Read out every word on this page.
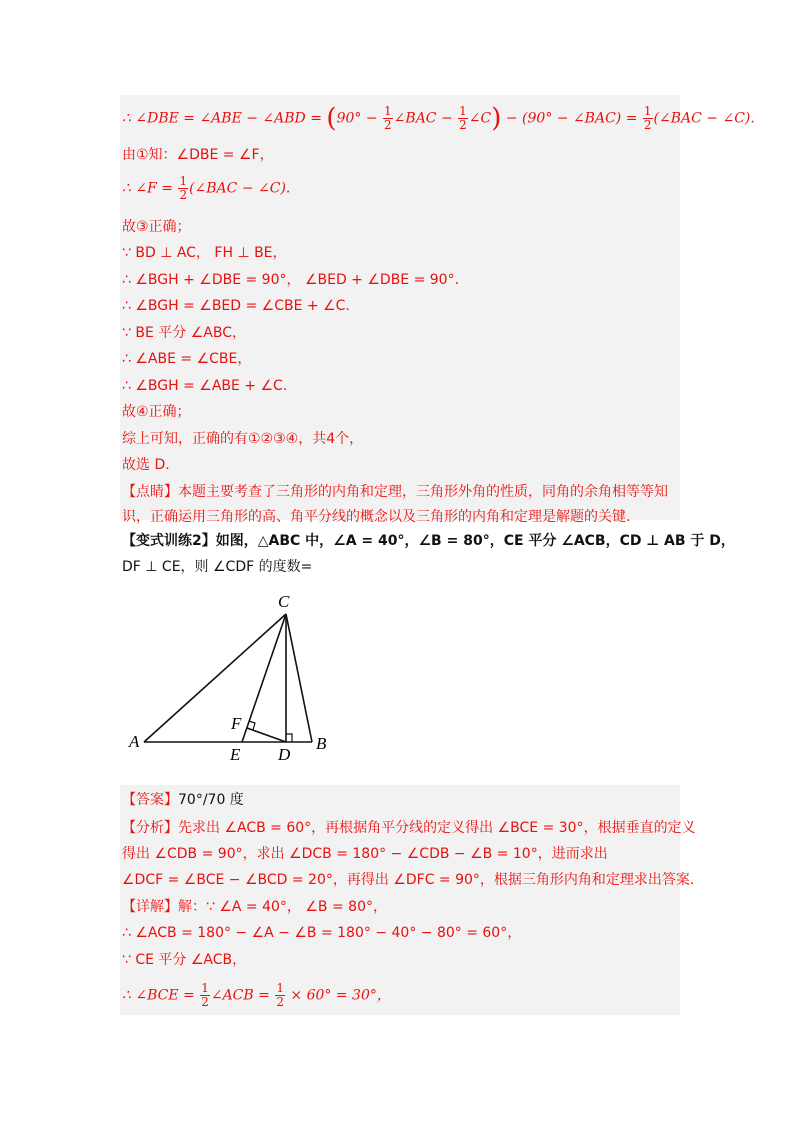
∴ ∠DBE = ∠ABE − ∠ABD = ($90^\circ - \frac{1}{2}$ ∠BAC − $\frac{1}{2}$ ∠C) − (90° − ∠BAC) = $\frac{1}{2}$ (∠BAC − ∠C).
由①知：∠DBE = ∠F，
∴ ∠F = $\frac{1}{2}$ (∠BAC − ∠C).
故③正确；
∵ BD ⊥ AC， FH ⊥ BE，
∴ ∠BGH + ∠DBE = 90°， ∠BED + ∠DBE = 90°.
∴ ∠BGH = ∠BED = ∠CBE + ∠C.
∵ BE 平分 ∠ABC，
∴ ∠ABE = ∠CBE，
∴ ∠BGH = ∠ABE + ∠C.
故④正确；
综上可知，正确的有①②③④，共4个，
故选 D.
【点睛】本题主要考查了三角形的内角和定理，三角形外角的性质，同角的余角相等等知
识，正确运用三角形的高、角平分线的概念以及三角形的内角和定理是解题的关键.
【变式训练2】如图，△ABC 中，∠A = 40°，∠B = 80°，CE 平分 ∠ACB，CD ⊥ AB 于 D，
DF ⊥ CE，则 ∠CDF 的度数=
C
A	B
E D
F
【答案】70°/70 度
【分析】先求出 ∠ACB = 60°，再根据角平分线的定义得出 ∠BCE = 30°，根据垂直的定义
得出 ∠CDB = 90°，求出 ∠DCB = 180° − ∠CDB − ∠B = 10°，进而求出
∠DCF = ∠BCE − ∠BCD = 20°，再得出 ∠DFC = 90°，根据三角形内角和定理求出答案.
【详解】解：∵ ∠A = 40°， ∠B = 80°，
∴ ∠ACB = 180° − ∠A − ∠B = 180° − 40° − 80° = 60°，
∵ CE 平分 ∠ACB，
∴ ∠BCE = $\frac{1}{2}$ ∠ACB = $\frac{1}{2} \times 60^\circ = 30^\circ$，
